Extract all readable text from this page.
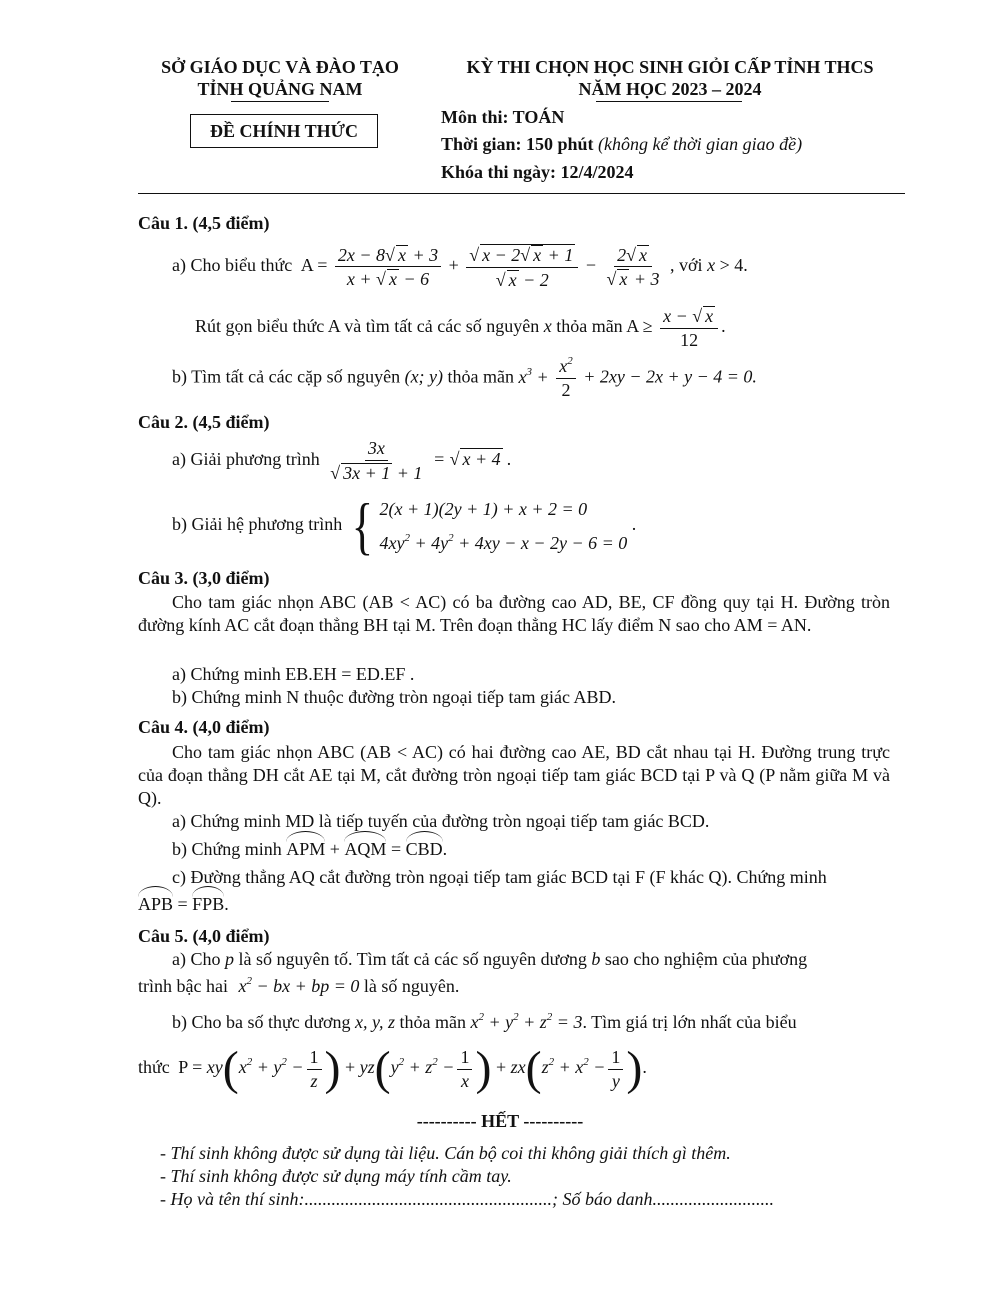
SỞ GIÁO DỤC VÀ ĐÀO TẠO
TỈNH QUẢNG NAM
ĐỀ CHÍNH THỨC
KỲ THI CHỌN HỌC SINH GIỎI CẤP TỈNH THCS
NĂM HỌC 2023 – 2024
Môn thi: TOÁN
Thời gian: 150 phút (không kể thời gian giao đề)
Khóa thi ngày: 12/4/2024
Câu 1. (4,5 điểm)
a) Cho biểu thức $A = \frac{2x - 8√ x + 3}{x + √ x - 6} + \frac{√ x - 2√ x + 1}{√ x - 2} - \frac{2√ x}{√ x + 3}$ , với x > 4.
Rút gọn biểu thức A và tìm tất cả các số nguyên x thỏa mãn $A \ge \frac{x - √ x}{12}$ .
b) Tìm tất cả các cặp số nguyên (x; y) thỏa mãn $x^3 + \frac{x^2}{2} + 2xy - 2x + y - 4 = 0$.
Câu 2. (4,5 điểm)
a) Giải phương trình $\frac{3x}{√ 3x + 1 + 1}$ = √ x + 4 .
b) Giải hệ phương trình { 2(x + 1)(2y + 1) + x + 2 = 0
$4xy^2 + 4y^2 + 4xy - x - 2y - 6 = 0$
.
Câu 3. (3,0 điểm)
Cho tam giác nhọn ABC (AB < AC) có ba đường cao AD, BE, CF đồng quy tại H. Đường tròn đường kính AC cắt đoạn thẳng BH tại M. Trên đoạn thẳng HC lấy điểm N sao cho AM = AN.
a) Chứng minh EB.EH = ED.EF .
b) Chứng minh N thuộc đường tròn ngoại tiếp tam giác ABD.
Câu 4. (4,0 điểm)
Cho tam giác nhọn ABC (AB < AC) có hai đường cao AE, BD cắt nhau tại H. Đường trung trực của đoạn thẳng DH cắt AE tại M, cắt đường tròn ngoại tiếp tam giác BCD tại P và Q (P nằm giữa M và Q).
a) Chứng minh MD là tiếp tuyến của đường tròn ngoại tiếp tam giác BCD.
b) Chứng minh APM + AQM = CBD.
c) Đường thẳng AQ cắt đường tròn ngoại tiếp tam giác BCD tại F (F khác Q). Chứng minh
APB = FPB.
Câu 5. (4,0 điểm)
a) Cho p là số nguyên tố. Tìm tất cả các số nguyên dương b sao cho nghiệm của phương
trình bậc hai $x^2$ − bx + bp = 0 là số nguyên.
b) Cho ba số thực dương x, y, z thỏa mãn $x^2 + y^2 + z^2 = 3$. Tìm giá trị lớn nhất của biểu
thức $P = xy(x^2 + y^2 - \frac{1}{z}$ ) + $yz(y^2 + z^2 - \frac{1}{x}$ ) + $zx(z^2 + x^2 - \frac{1}{y}$ ).
---------- HẾT ----------
- Thí sinh không được sử dụng tài liệu. Cán bộ coi thi không giải thích gì thêm.
- Thí sinh không được sử dụng máy tính cầm tay.
- Họ và tên thí sinh:.......................................................; Số báo danh...........................
